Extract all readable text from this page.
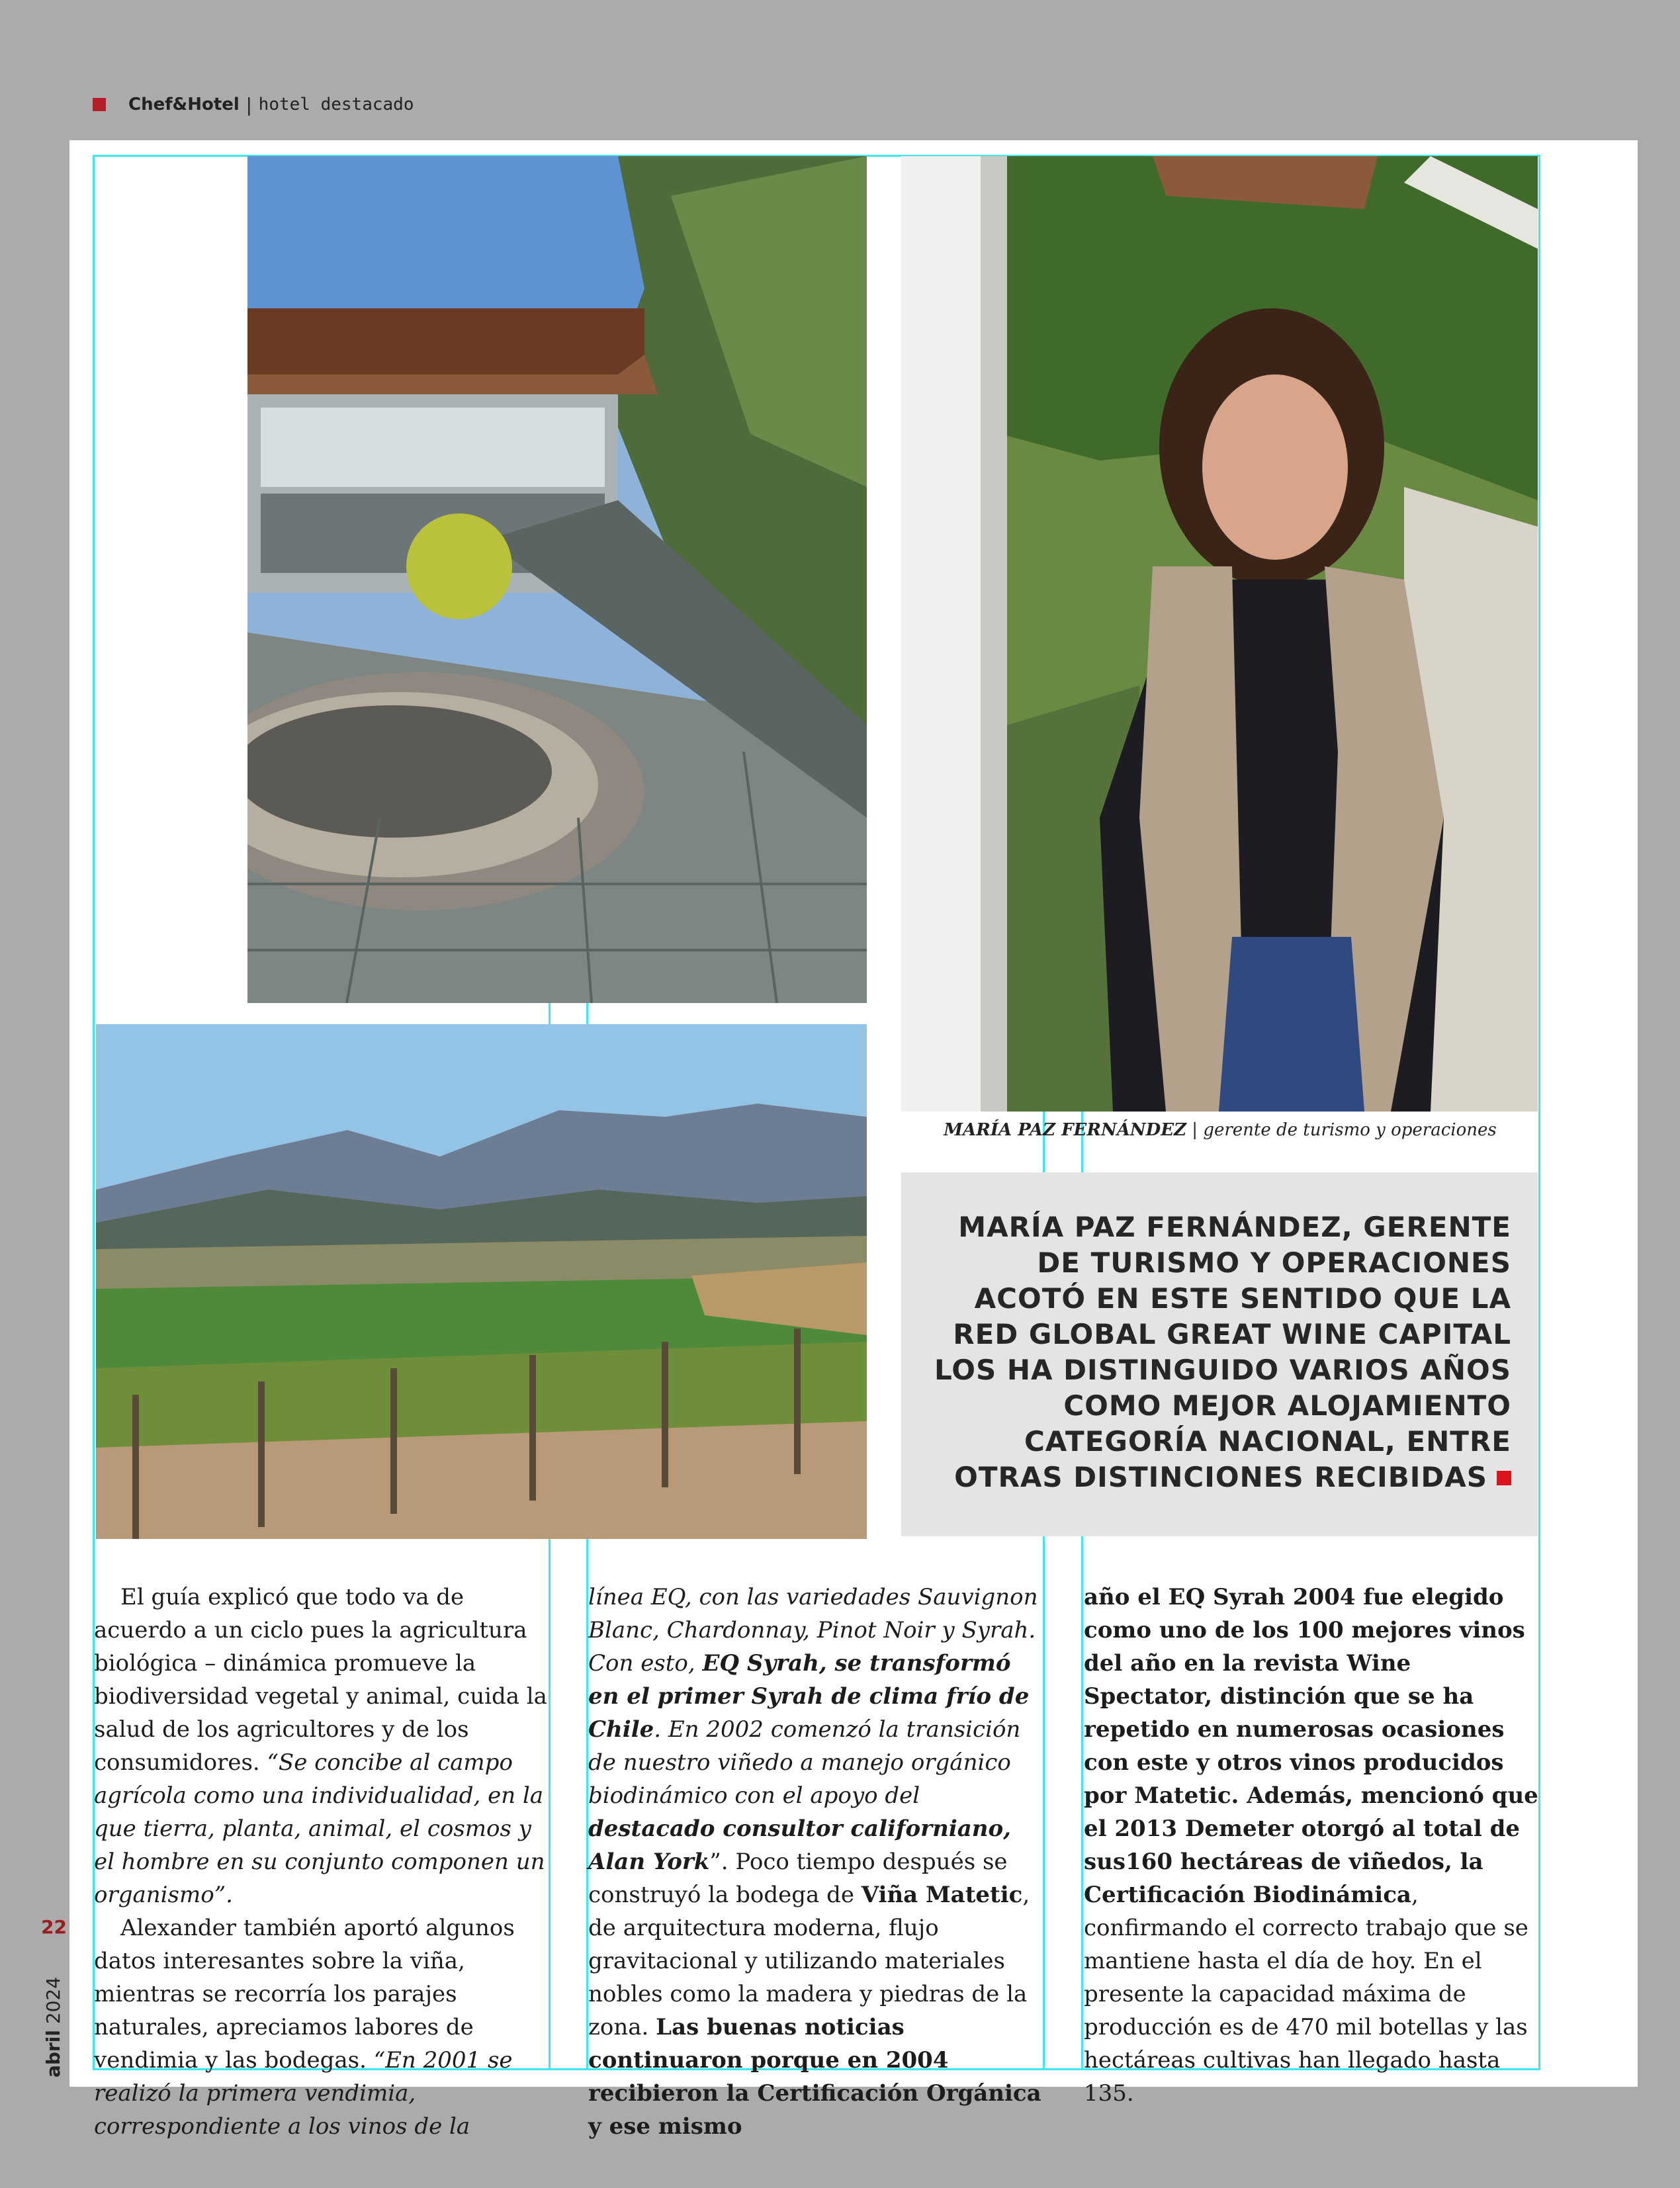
Chef&Hotel | hotel destacado
MARÍA PAZ FERNÁNDEZ | gerente de turismo y operaciones

MARÍA PAZ FERNÁNDEZ, GERENTE DE TURISMO Y OPERACIONES ACOTÓ EN ESTE SENTIDO QUE LA RED GLOBAL GREAT WINE CAPITAL LOS HA DISTINGUIDO VARIOS AÑOS COMO MEJOR ALOJAMIENTO CATEGORÍA NACIONAL, ENTRE OTRAS DISTINCIONES RECIBIDAS

El guía explicó que todo va de acuerdo a un ciclo pues la agricultura biológica – dinámica promueve la biodiversidad vegetal y animal, cuida la salud de los agricultores y de los consumidores. “Se concibe al campo agrícola como una individualidad, en la que tierra, planta, animal, el cosmos y el hombre en su conjunto componen un organismo”.

Alexander también aportó algunos datos interesantes sobre la viña, mientras se recorría los parajes naturales, apreciamos labores de vendimia y las bodegas. “En 2001 se realizó la primera vendimia, correspondiente a los vinos de la

línea EQ, con las variedades Sauvignon Blanc, Chardonnay, Pinot Noir y Syrah. Con esto, EQ Syrah, se transformó en el primer Syrah de clima frío de Chile. En 2002 comenzó la transición de nuestro viñedo a manejo orgánico biodinámico con el apoyo del destacado consultor californiano, Alan York”. Poco tiempo después se construyó la bodega de Viña Matetic, de arquitectura moderna, flujo gravitacional y utilizando materiales nobles como la madera y piedras de la zona. Las buenas noticias continuaron porque en 2004 recibieron la Certificación Orgánica y ese mismo

año el EQ Syrah 2004 fue elegido como uno de los 100 mejores vinos del año en la revista Wine Spectator, distinción que se ha repetido en numerosas ocasiones con este y otros vinos producidos por Matetic. Además, mencionó que el 2013 Demeter otorgó al total de sus160 hectáreas de viñedos, la Certificación Biodinámica, confirmando el correcto trabajo que se mantiene hasta el día de hoy. En el presente la capacidad máxima de producción es de 470 mil botellas y las hectáreas cultivas han llegado hasta 135.

22
abril 2024
